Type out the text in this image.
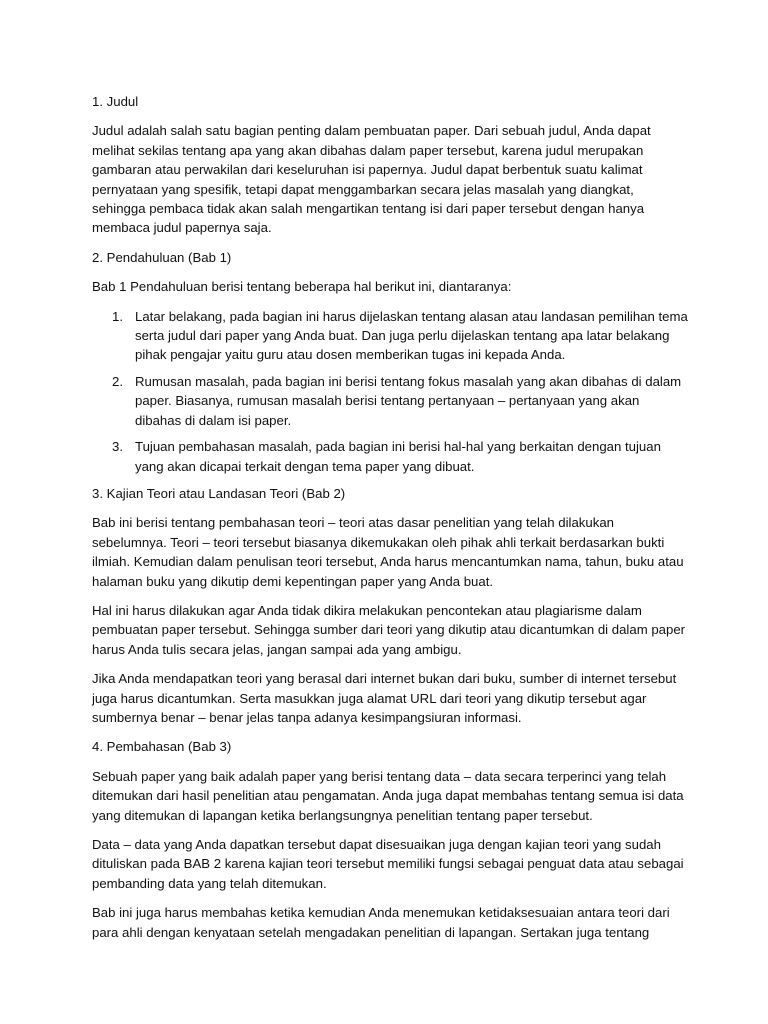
1. Judul

Judul adalah salah satu bagian penting dalam pembuatan paper. Dari sebuah judul, Anda dapat melihat sekilas tentang apa yang akan dibahas dalam paper tersebut, karena judul merupakan gambaran atau perwakilan dari keseluruhan isi papernya. Judul dapat berbentuk suatu kalimat pernyataan yang spesifik, tetapi dapat menggambarkan secara jelas masalah yang diangkat, sehingga pembaca tidak akan salah mengartikan tentang isi dari paper tersebut dengan hanya membaca judul papernya saja.

2. Pendahuluan (Bab 1)

Bab 1 Pendahuluan berisi tentang beberapa hal berikut ini, diantaranya:

1. Latar belakang, pada bagian ini harus dijelaskan tentang alasan atau landasan pemilihan tema serta judul dari paper yang Anda buat. Dan juga perlu dijelaskan tentang apa latar belakang pihak pengajar yaitu guru atau dosen memberikan tugas ini kepada Anda.
2. Rumusan masalah, pada bagian ini berisi tentang fokus masalah yang akan dibahas di dalam paper. Biasanya, rumusan masalah berisi tentang pertanyaan – pertanyaan yang akan dibahas di dalam isi paper.
3. Tujuan pembahasan masalah, pada bagian ini berisi hal-hal yang berkaitan dengan tujuan yang akan dicapai terkait dengan tema paper yang dibuat.

3. Kajian Teori atau Landasan Teori (Bab 2)

Bab ini berisi tentang pembahasan teori – teori atas dasar penelitian yang telah dilakukan sebelumnya. Teori – teori tersebut biasanya dikemukakan oleh pihak ahli terkait berdasarkan bukti ilmiah. Kemudian dalam penulisan teori tersebut, Anda harus mencantumkan nama, tahun, buku atau halaman buku yang dikutip demi kepentingan paper yang Anda buat.

Hal ini harus dilakukan agar Anda tidak dikira melakukan pencontekan atau plagiarisme dalam pembuatan paper tersebut. Sehingga sumber dari teori yang dikutip atau dicantumkan di dalam paper harus Anda tulis secara jelas, jangan sampai ada yang ambigu.

Jika Anda mendapatkan teori yang berasal dari internet bukan dari buku, sumber di internet tersebut juga harus dicantumkan. Serta masukkan juga alamat URL dari teori yang dikutip tersebut agar sumbernya benar – benar jelas tanpa adanya kesimpangsiuran informasi.

4. Pembahasan (Bab 3)

Sebuah paper yang baik adalah paper yang berisi tentang data – data secara terperinci yang telah ditemukan dari hasil penelitian atau pengamatan. Anda juga dapat membahas tentang semua isi data yang ditemukan di lapangan ketika berlangsungnya penelitian tentang paper tersebut.

Data – data yang Anda dapatkan tersebut dapat disesuaikan juga dengan kajian teori yang sudah dituliskan pada BAB 2 karena kajian teori tersebut memiliki fungsi sebagai penguat data atau sebagai pembanding data yang telah ditemukan.

Bab ini juga harus membahas ketika kemudian Anda menemukan ketidaksesuaian antara teori dari para ahli dengan kenyataan setelah mengadakan penelitian di lapangan. Sertakan juga tentang
